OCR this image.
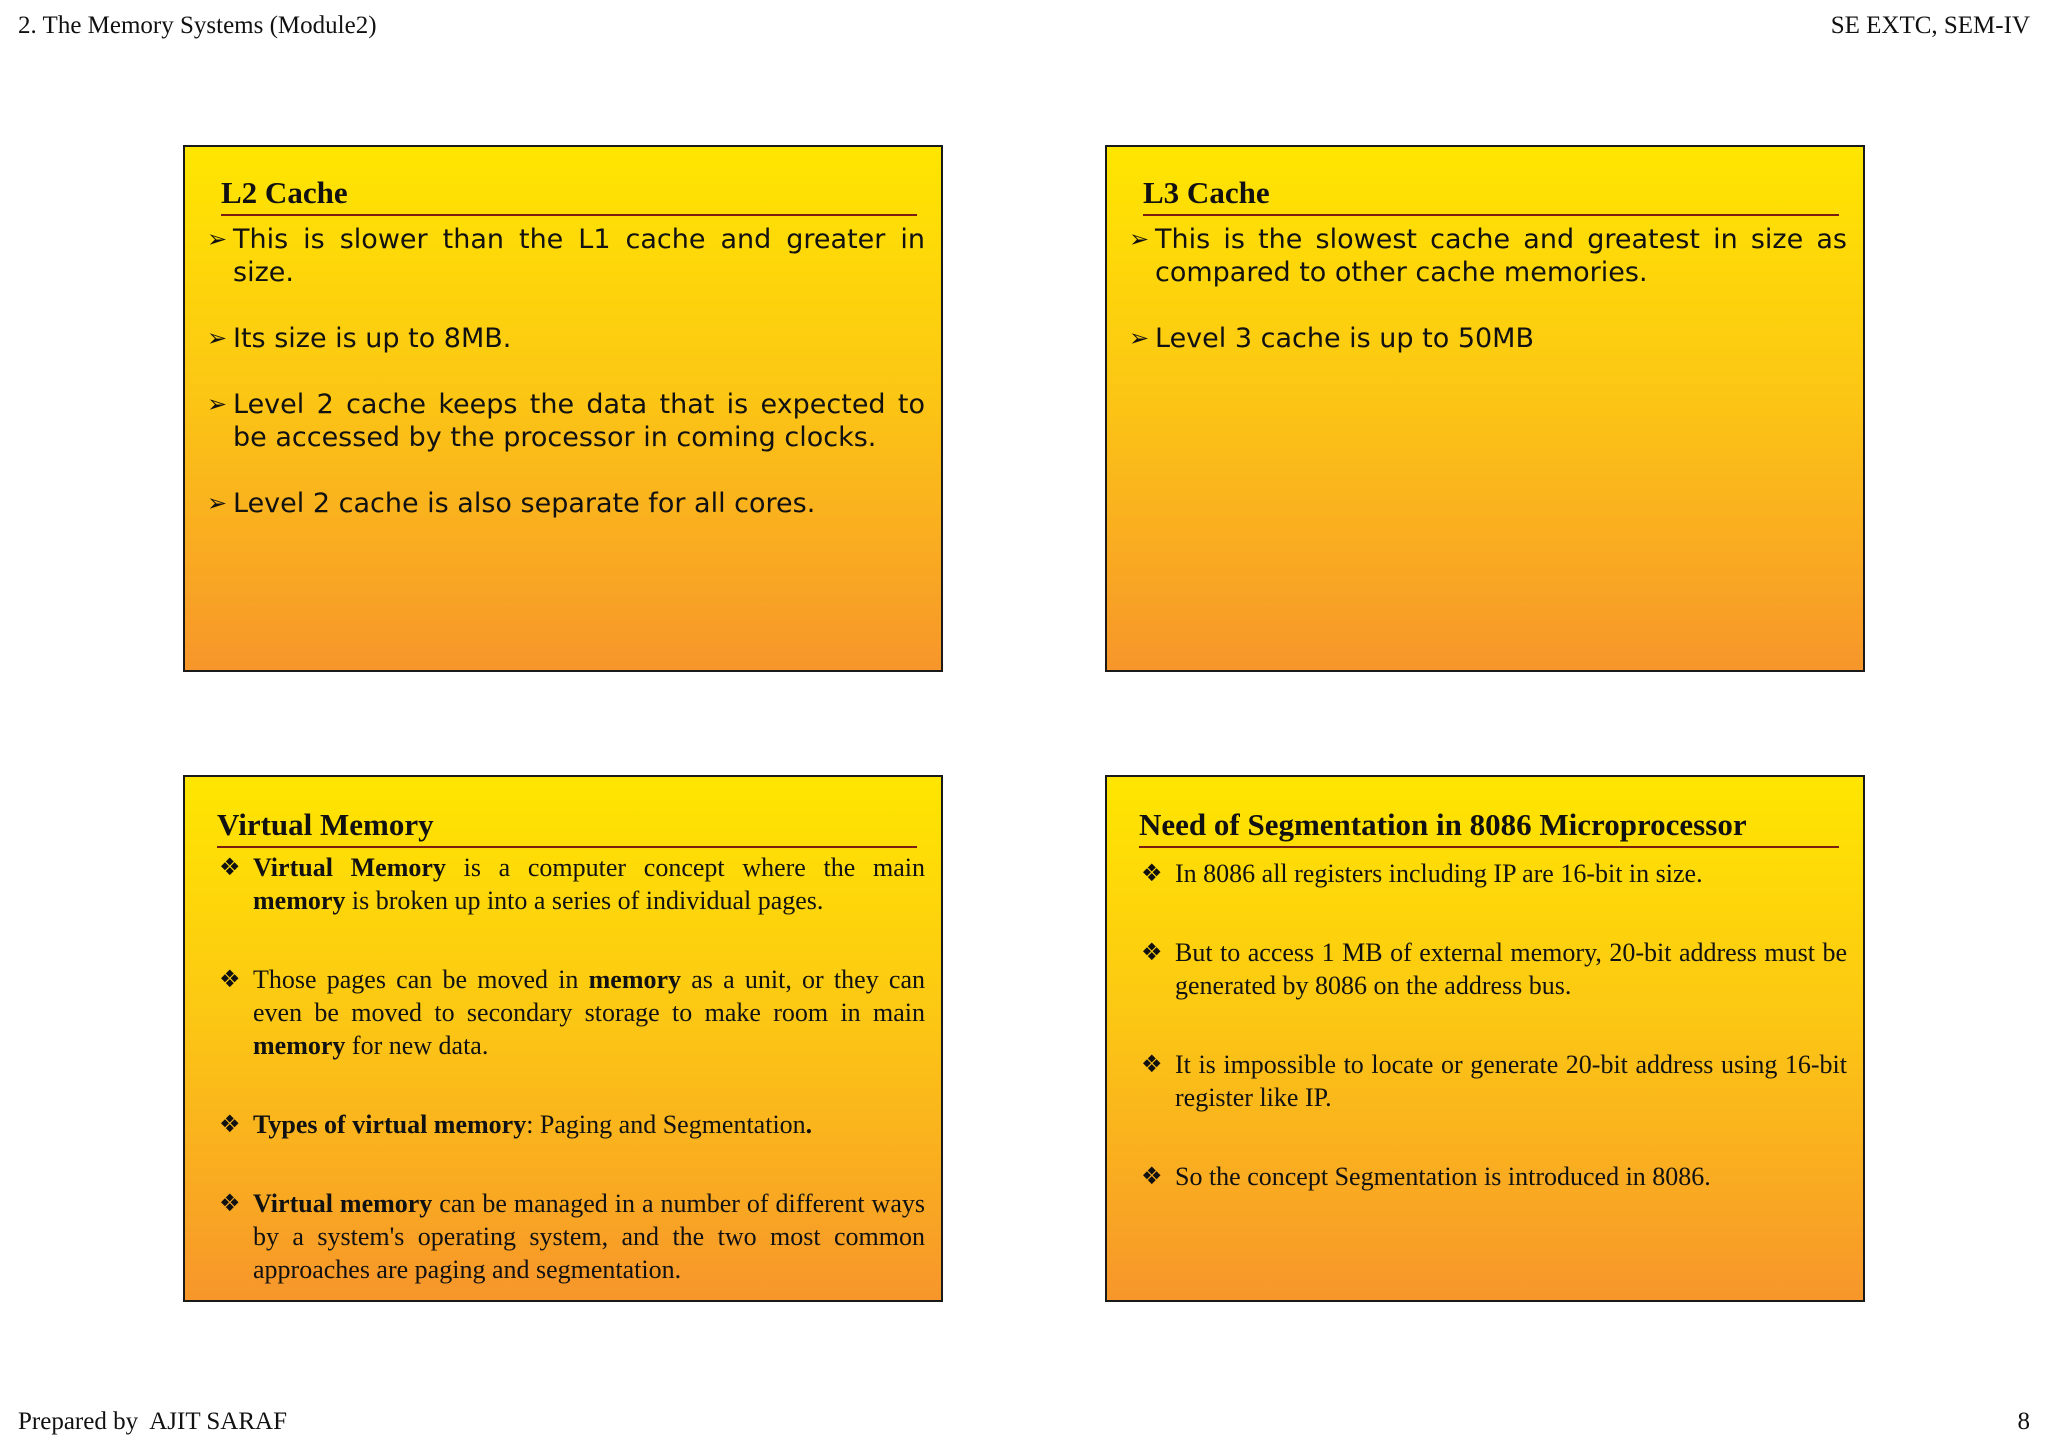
2. The Memory Systems (Module2)	SE EXTC, SEM-IV
L2 Cache
➢ This is slower than the L1 cache and greater in size.
➢ Its size is up to 8MB.
➢ Level 2 cache keeps the data that is expected to be accessed by the processor in coming clocks.
➢ Level 2 cache is also separate for all cores.
L3 Cache
➢ This is the slowest cache and greatest in size as compared to other cache memories.
➢ Level 3 cache is up to 50MB
Virtual Memory
❖ Virtual Memory is a computer concept where the main memory is broken up into a series of individual pages.
❖ Those pages can be moved in memory as a unit, or they can even be moved to secondary storage to make room in main memory for new data.
❖ Types of virtual memory: Paging and Segmentation.
❖ Virtual memory can be managed in a number of different ways by a system's operating system, and the two most common approaches are paging and segmentation.
Need of Segmentation in 8086 Microprocessor
❖ In 8086 all registers including IP are 16-bit in size.
❖ But to access 1 MB of external memory, 20-bit address must be generated by 8086 on the address bus.
❖ It is impossible to locate or generate 20-bit address using 16-bit register like IP.
❖ So the concept Segmentation is introduced in 8086.
Prepared by  AJIT SARAF	8
